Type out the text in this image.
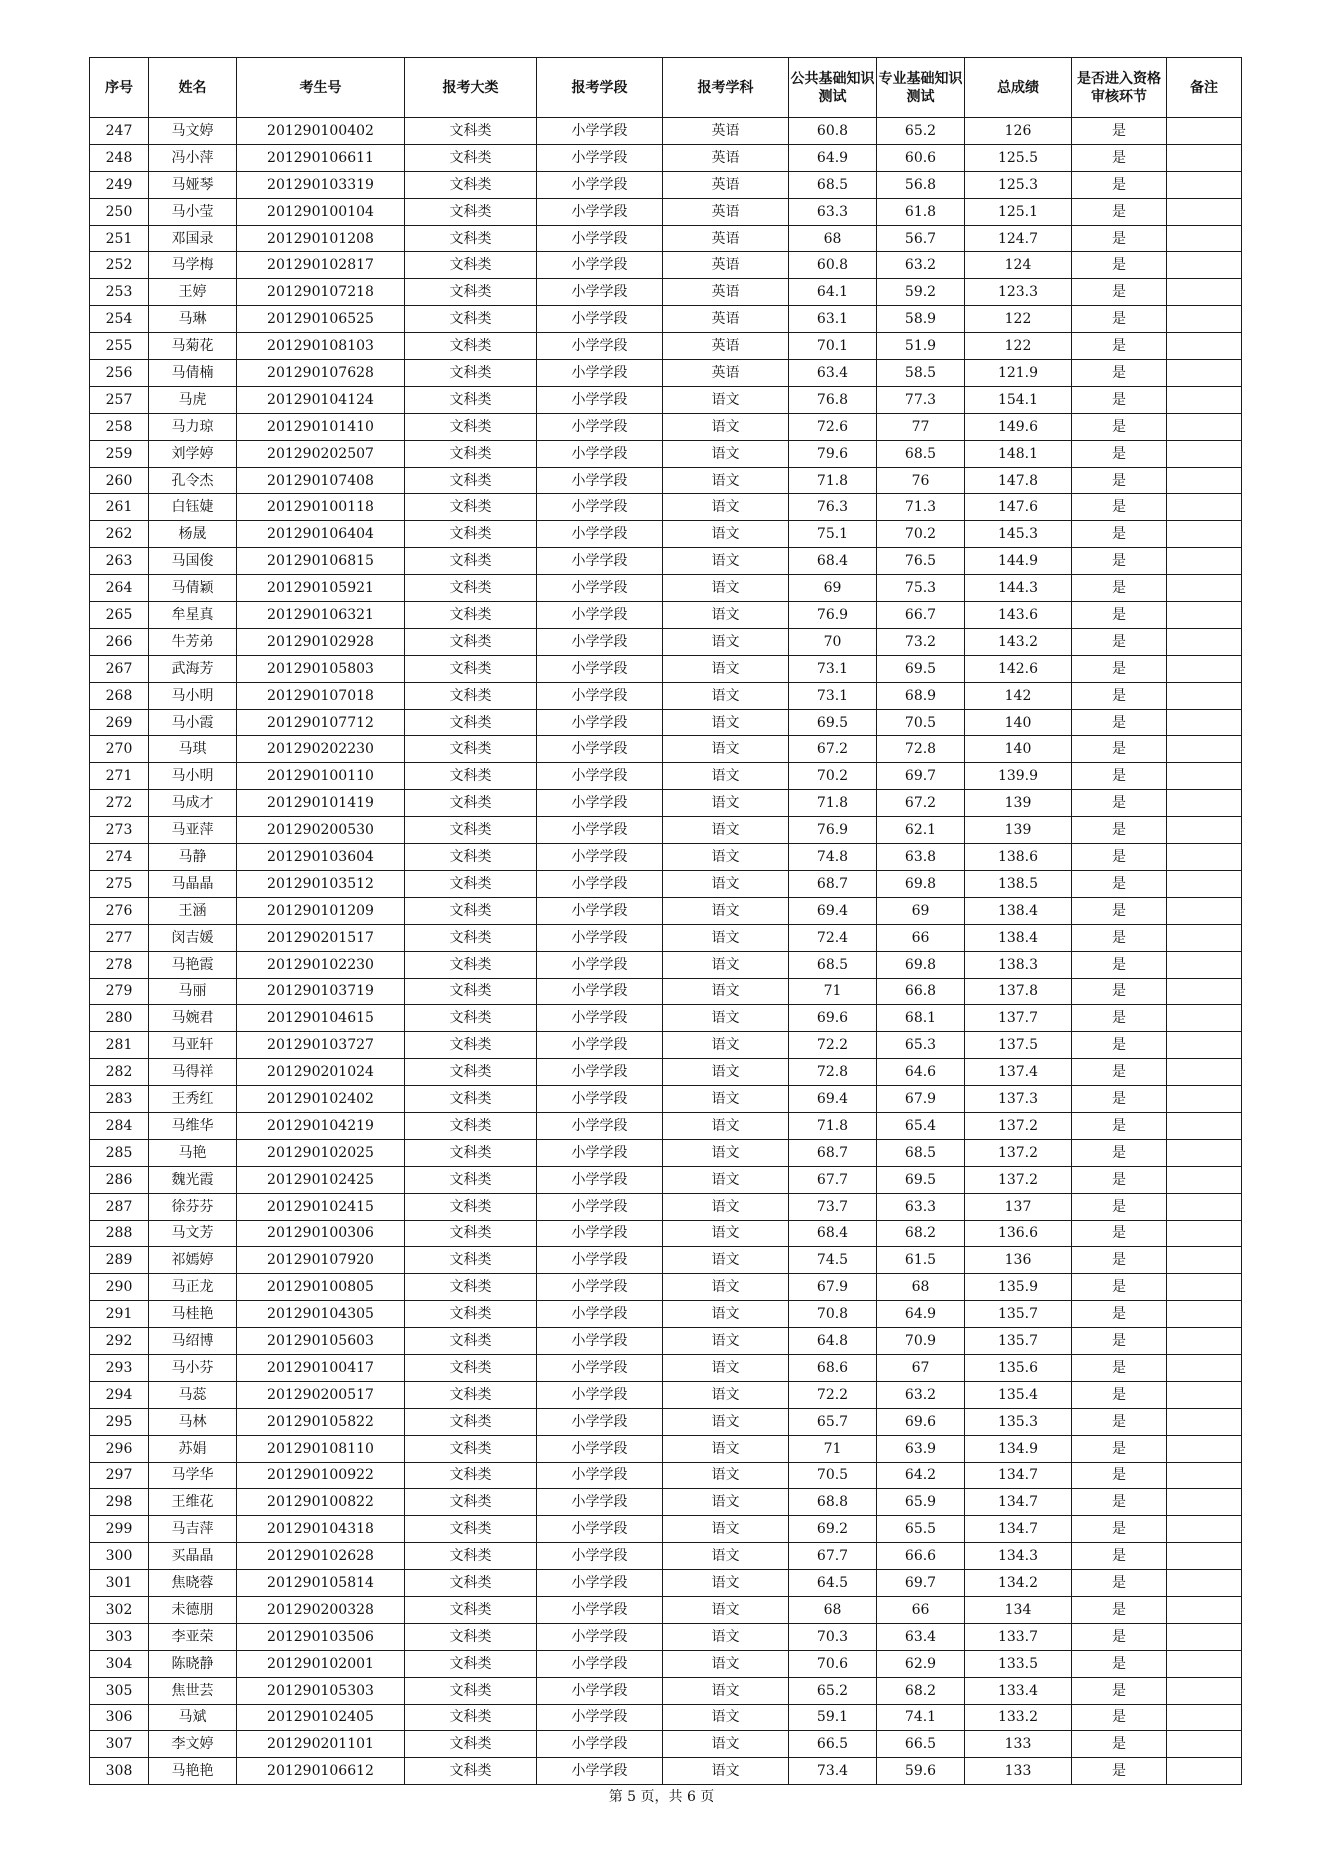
序号	姓名	考生号	报考大类	报考学段	报考学科	公共基础知识测试	专业基础知识测试	总成绩	是否进入资格审核环节	备注
247	马文婷	201290100402	文科类	小学学段	英语	60.8	65.2	126	是	
248	冯小萍	201290106611	文科类	小学学段	英语	64.9	60.6	125.5	是	
249	马娅琴	201290103319	文科类	小学学段	英语	68.5	56.8	125.3	是	
250	马小莹	201290100104	文科类	小学学段	英语	63.3	61.8	125.1	是	
251	邓国录	201290101208	文科类	小学学段	英语	68	56.7	124.7	是	
252	马学梅	201290102817	文科类	小学学段	英语	60.8	63.2	124	是	
253	王婷	201290107218	文科类	小学学段	英语	64.1	59.2	123.3	是	
254	马琳	201290106525	文科类	小学学段	英语	63.1	58.9	122	是	
255	马菊花	201290108103	文科类	小学学段	英语	70.1	51.9	122	是	
256	马倩楠	201290107628	文科类	小学学段	英语	63.4	58.5	121.9	是	
257	马虎	201290104124	文科类	小学学段	语文	76.8	77.3	154.1	是	
258	马力琼	201290101410	文科类	小学学段	语文	72.6	77	149.6	是	
259	刘学婷	201290202507	文科类	小学学段	语文	79.6	68.5	148.1	是	
260	孔令杰	201290107408	文科类	小学学段	语文	71.8	76	147.8	是	
261	白钰婕	201290100118	文科类	小学学段	语文	76.3	71.3	147.6	是	
262	杨晟	201290106404	文科类	小学学段	语文	75.1	70.2	145.3	是	
263	马国俊	201290106815	文科类	小学学段	语文	68.4	76.5	144.9	是	
264	马倩颖	201290105921	文科类	小学学段	语文	69	75.3	144.3	是	
265	牟星真	201290106321	文科类	小学学段	语文	76.9	66.7	143.6	是	
266	牛芳弟	201290102928	文科类	小学学段	语文	70	73.2	143.2	是	
267	武海芳	201290105803	文科类	小学学段	语文	73.1	69.5	142.6	是	
268	马小明	201290107018	文科类	小学学段	语文	73.1	68.9	142	是	
269	马小霞	201290107712	文科类	小学学段	语文	69.5	70.5	140	是	
270	马琪	201290202230	文科类	小学学段	语文	67.2	72.8	140	是	
271	马小明	201290100110	文科类	小学学段	语文	70.2	69.7	139.9	是	
272	马成才	201290101419	文科类	小学学段	语文	71.8	67.2	139	是	
273	马亚萍	201290200530	文科类	小学学段	语文	76.9	62.1	139	是	
274	马静	201290103604	文科类	小学学段	语文	74.8	63.8	138.6	是	
275	马晶晶	201290103512	文科类	小学学段	语文	68.7	69.8	138.5	是	
276	王涵	201290101209	文科类	小学学段	语文	69.4	69	138.4	是	
277	闵吉媛	201290201517	文科类	小学学段	语文	72.4	66	138.4	是	
278	马艳霞	201290102230	文科类	小学学段	语文	68.5	69.8	138.3	是	
279	马丽	201290103719	文科类	小学学段	语文	71	66.8	137.8	是	
280	马婉君	201290104615	文科类	小学学段	语文	69.6	68.1	137.7	是	
281	马亚轩	201290103727	文科类	小学学段	语文	72.2	65.3	137.5	是	
282	马得祥	201290201024	文科类	小学学段	语文	72.8	64.6	137.4	是	
283	王秀红	201290102402	文科类	小学学段	语文	69.4	67.9	137.3	是	
284	马维华	201290104219	文科类	小学学段	语文	71.8	65.4	137.2	是	
285	马艳	201290102025	文科类	小学学段	语文	68.7	68.5	137.2	是	
286	魏光霞	201290102425	文科类	小学学段	语文	67.7	69.5	137.2	是	
287	徐芬芬	201290102415	文科类	小学学段	语文	73.7	63.3	137	是	
288	马文芳	201290100306	文科类	小学学段	语文	68.4	68.2	136.6	是	
289	祁嫣婷	201290107920	文科类	小学学段	语文	74.5	61.5	136	是	
290	马正龙	201290100805	文科类	小学学段	语文	67.9	68	135.9	是	
291	马桂艳	201290104305	文科类	小学学段	语文	70.8	64.9	135.7	是	
292	马绍博	201290105603	文科类	小学学段	语文	64.8	70.9	135.7	是	
293	马小芬	201290100417	文科类	小学学段	语文	68.6	67	135.6	是	
294	马蕊	201290200517	文科类	小学学段	语文	72.2	63.2	135.4	是	
295	马林	201290105822	文科类	小学学段	语文	65.7	69.6	135.3	是	
296	苏娟	201290108110	文科类	小学学段	语文	71	63.9	134.9	是	
297	马学华	201290100922	文科类	小学学段	语文	70.5	64.2	134.7	是	
298	王维花	201290100822	文科类	小学学段	语文	68.8	65.9	134.7	是	
299	马吉萍	201290104318	文科类	小学学段	语文	69.2	65.5	134.7	是	
300	买晶晶	201290102628	文科类	小学学段	语文	67.7	66.6	134.3	是	
301	焦晓蓉	201290105814	文科类	小学学段	语文	64.5	69.7	134.2	是	
302	未德朋	201290200328	文科类	小学学段	语文	68	66	134	是	
303	李亚荣	201290103506	文科类	小学学段	语文	70.3	63.4	133.7	是	
304	陈晓静	201290102001	文科类	小学学段	语文	70.6	62.9	133.5	是	
305	焦世芸	201290105303	文科类	小学学段	语文	65.2	68.2	133.4	是	
306	马斌	201290102405	文科类	小学学段	语文	59.1	74.1	133.2	是	
307	李文婷	201290201101	文科类	小学学段	语文	66.5	66.5	133	是	
308	马艳艳	201290106612	文科类	小学学段	语文	73.4	59.6	133	是	
第 5 页，共 6 页
